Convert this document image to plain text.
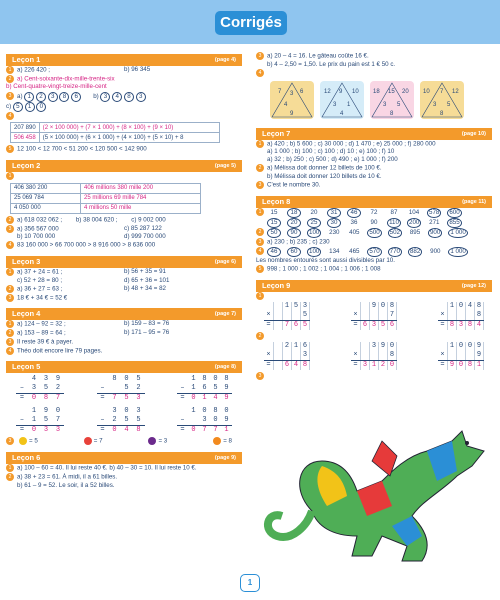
Corrigés
Leçon 1	(page 4)
1 a) 226 420 ;	b) 96 345
2 a) Cent-soixante-dix-mille-trente-six
b) Cent-quatre-vingt-treize-mille-cent
3 a) 1 2 3 8 6 b) 3 4 8 3
c) 5 1 0
4
207 890	(2 × 100 000) + (7 × 1 000) + (8 × 100) + (9 × 10)
506 458	(5 × 100 000) + (6 × 1 000) + (4 × 100) + (5 × 10) + 8
5 12 100 < 12 700 < 51 200 < 120 500 < 142 900
Leçon 2	(page 5)
1
406 380 200	406 millions 380 mille 200
25 069 784	25 millions 69 mille 784
4 050 000	4 millions 50 mille
2 a) 618 032 062 ; b) 38 004 620 ; c) 9 002 000
3 a) 356 567 000	c) 85 287 122
b) 10 700 000	d) 999 700 000
4 83 160 000 > 66 700 000 > 8 916 000 > 8 636 000
Leçon 3	(page 6)
1 a) 37 + 24 = 61 ;	b) 56 + 35 = 91
c) 52 + 28 = 80 ;	d) 65 + 36 = 101
2 a) 36 + 27 = 63 ;	b) 48 + 34 = 82
3 18 € + 34 € = 52 €
Leçon 4	(page 7)
1 a) 124 – 92 = 32 ;	b) 159 – 83 = 76
2 a) 153 – 89 = 64 ;	b) 171 – 95 = 76
3 Il reste 39 € à payer.
4 Théo doit encore lire 79 pages.
Leçon 5	(page 8)
4	3	9
–	3	5	2
=	0	8	7
8	0	5
–	5	2
=	7	5	3
1 8 0 8
– 1 6 5 9
= 0 1 4 9
1	9	0
–	1	5	7
=	0	3	3
3	0	3
–	2	5	5
=	0	4	8
1 0 8 0
–	3 0 9
= 0 7 7 1
3	= 5	= 7	= 3	= 8
Leçon 6	(page 9)
1 a) 100 – 60 = 40. Il lui reste 40 €. b) 40 – 30 = 10. Il lui reste 10 €.
2 a) 38 + 23 = 61. À midi, il a 61 billes.
b) 61 – 9 = 52. Le soir, il a 52 billes.
3 a) 20 – 4 = 16. Le gâteau coûte 16 €.
b) 4 – 2,50 = 1,50. Le prix du pain est 1 € 50 c.
4
7	6
3
4
9
12 9 10
3 1
4
18 15 20
3 5
8
10 7 12
3 5
8
Leçon 7	(page 10)
1 a) 420 ; b) 5 600 ; c) 30 000 ; d) 1 470 ; e) 25 000 ; f) 280 000
a) 1 000 ; b) 100 ; c) 100 ; d) 10 ; e) 100 ; f) 10
a) 32 ; b) 250 ; c) 500 ; d) 490 ; e) 1 000 ; f) 200
2 a) Mélissa doit donner 12 billets de 100 €.
b) Mélissa doit donner 120 billets de 10 €.
3 C'est le nombre 30.
Leçon 8	(page 11)
1 15 18 20 31 46 72 87 104 578 600
15 20 25 30 36 90 110 200 271 855
2 50 90 100 230 405 500 502 895 900 1 000
3 a) 230 ; b) 235 ; c) 230
4 46 60 100 134 465 570 770 882 900 1 000
Les nombres entourés sont aussi divisibles par 10.
5 998 ; 1 000 ; 1 002 ; 1 004 ; 1 006 ; 1 008
Leçon 9	(page 12)
1
1 5 3
×	5
=	7 6 5
9 0 8
×	7
= 6 3 5 6
1 0 4 8
×	8
= 8 3 8 4
2
2 1 6
×	3
=	6 4 8
3 9 0
×	8
= 3 1 2 0
1 0 0 9
×	9
= 9 0 8 1
3
1
